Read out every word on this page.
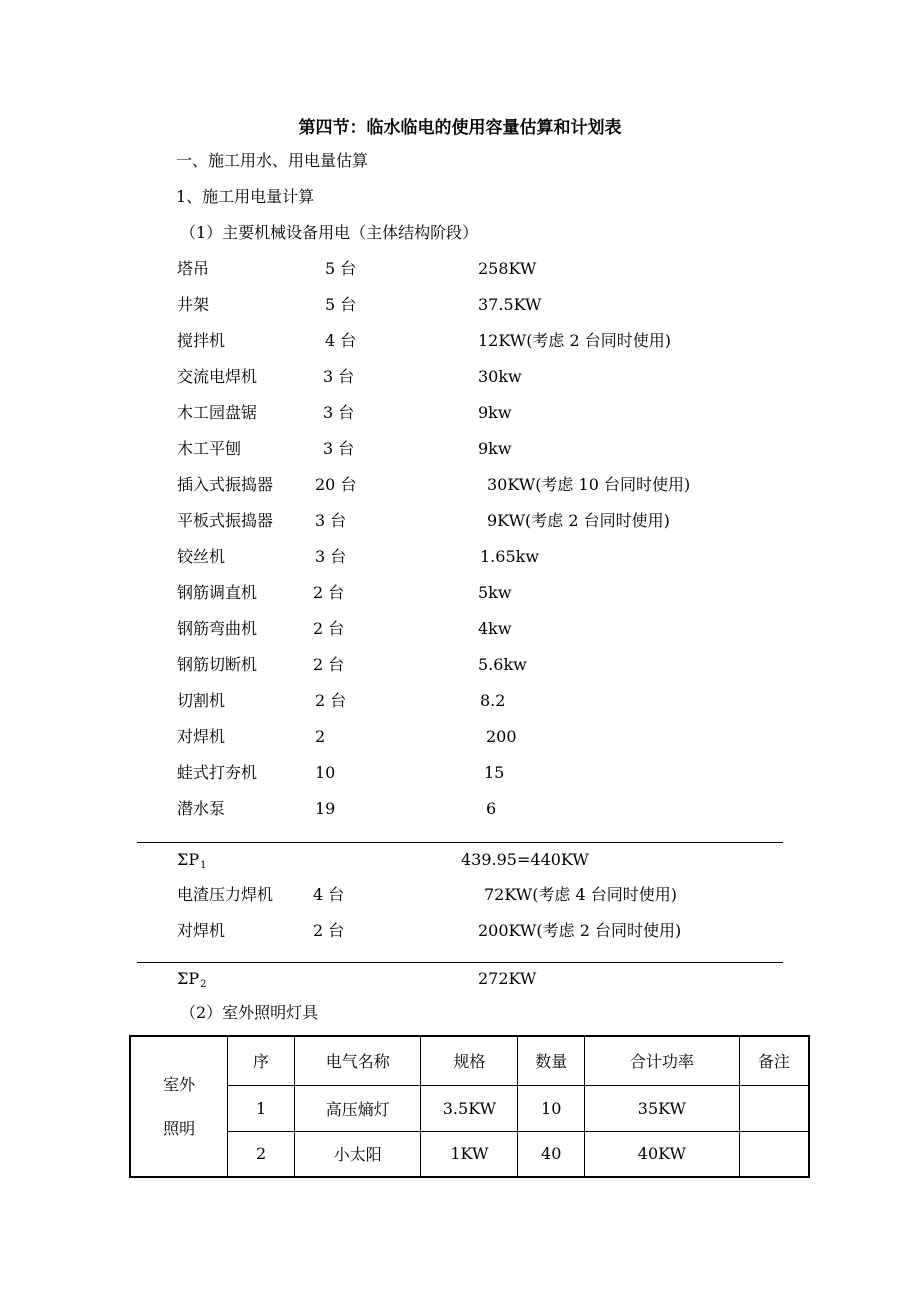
第四节：临水临电的使用容量估算和计划表
一、施工用水、用电量估算
1、施工用电量计算
（1）主要机械设备用电（主体结构阶段）
塔吊	5 台	258KW
井架	5 台	37.5KW
搅拌机	4 台	12KW(考虑 2 台同时使用)
交流电焊机	3 台	30kw
木工园盘锯	3 台	9kw
木工平刨	3 台	9kw
插入式振捣器	20 台	30KW(考虑 10 台同时使用)
平板式振捣器	3 台	9KW(考虑 2 台同时使用)
铰丝机	3 台	1.65kw
钢筋调直机	2 台	5kw
钢筋弯曲机	2 台	4kw
钢筋切断机	2 台	5.6kw
切割机	2 台	8.2
对焊机	2	200
蛙式打夯机	10	15
潜水泵	19	6
$\Sigma P_1$	439.95=440KW
电渣压力焊机 4 台	72KW(考虑 4 台同时使用)
对焊机	2 台	200KW(考虑 2 台同时使用)
$\Sigma P_2$	272KW
（2）室外照明灯具
室外
照明	序	电气名称	规格	数量	合计功率	备注
	1	高压熵灯	3.5KW	10	35KW	
	2	小太阳	1KW	40	40KW	
